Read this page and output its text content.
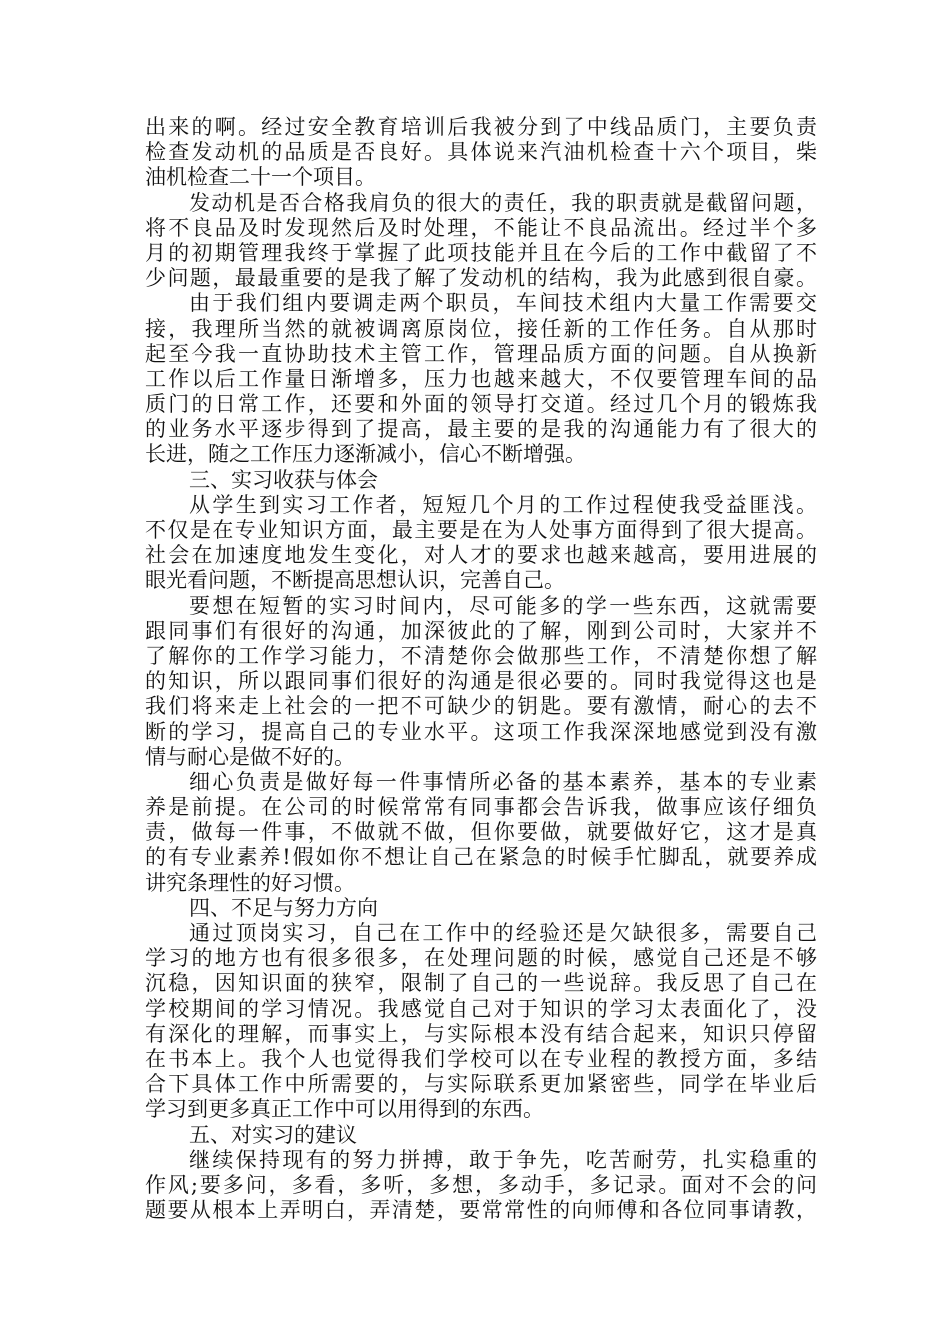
出来的啊。经过安全教育培训后我被分到了中线品质门，主要负责
检查发动机的品质是否良好。具体说来汽油机检查十六个项目，柴
油机检查二十一个项目。
发动机是否合格我肩负的很大的责任，我的职责就是截留问题，
将不良品及时发现然后及时处理，不能让不良品流出。经过半个多
月的初期管理我终于掌握了此项技能并且在今后的工作中截留了不
少问题，最最重要的是我了解了发动机的结构，我为此感到很自豪。
由于我们组内要调走两个职员，车间技术组内大量工作需要交
接，我理所当然的就被调离原岗位，接任新的工作任务。自从那时
起至今我一直协助技术主管工作，管理品质方面的问题。自从换新
工作以后工作量日渐增多，压力也越来越大，不仅要管理车间的品
质门的日常工作，还要和外面的领导打交道。经过几个月的锻炼我
的业务水平逐步得到了提高，最主要的是我的沟通能力有了很大的
长进，随之工作压力逐渐减小，信心不断增强。
三、实习收获与体会
从学生到实习工作者，短短几个月的工作过程使我受益匪浅。
不仅是在专业知识方面，最主要是在为人处事方面得到了很大提高。
社会在加速度地发生变化，对人才的要求也越来越高，要用进展的
眼光看问题，不断提高思想认识，完善自己。
要想在短暂的实习时间内，尽可能多的学一些东西，这就需要
跟同事们有很好的沟通，加深彼此的了解，刚到公司时，大家并不
了解你的工作学习能力，不清楚你会做那些工作，不清楚你想了解
的知识，所以跟同事们很好的沟通是很必要的。同时我觉得这也是
我们将来走上社会的一把不可缺少的钥匙。要有激情，耐心的去不
断的学习，提高自己的专业水平。这项工作我深深地感觉到没有激
情与耐心是做不好的。
细心负责是做好每一件事情所必备的基本素养，基本的专业素
养是前提。在公司的时候常常有同事都会告诉我，做事应该仔细负
责，做每一件事，不做就不做，但你要做，就要做好它，这才是真
的有专业素养!假如你不想让自己在紧急的时候手忙脚乱，就要养成
讲究条理性的好习惯。
四、不足与努力方向
通过顶岗实习，自己在工作中的经验还是欠缺很多，需要自己
学习的地方也有很多很多，在处理问题的时候，感觉自己还是不够
沉稳，因知识面的狭窄，限制了自己的一些说辞。我反思了自己在
学校期间的学习情况。我感觉自己对于知识的学习太表面化了，没
有深化的理解，而事实上，与实际根本没有结合起来，知识只停留
在书本上。我个人也觉得我们学校可以在专业程的教授方面，多结
合下具体工作中所需要的，与实际联系更加紧密些，同学在毕业后
学习到更多真正工作中可以用得到的东西。
五、对实习的建议
继续保持现有的努力拼搏，敢于争先，吃苦耐劳，扎实稳重的
作风;要多问，多看，多听，多想，多动手，多记录。面对不会的问
题要从根本上弄明白，弄清楚，要常常性的向师傅和各位同事请教，
